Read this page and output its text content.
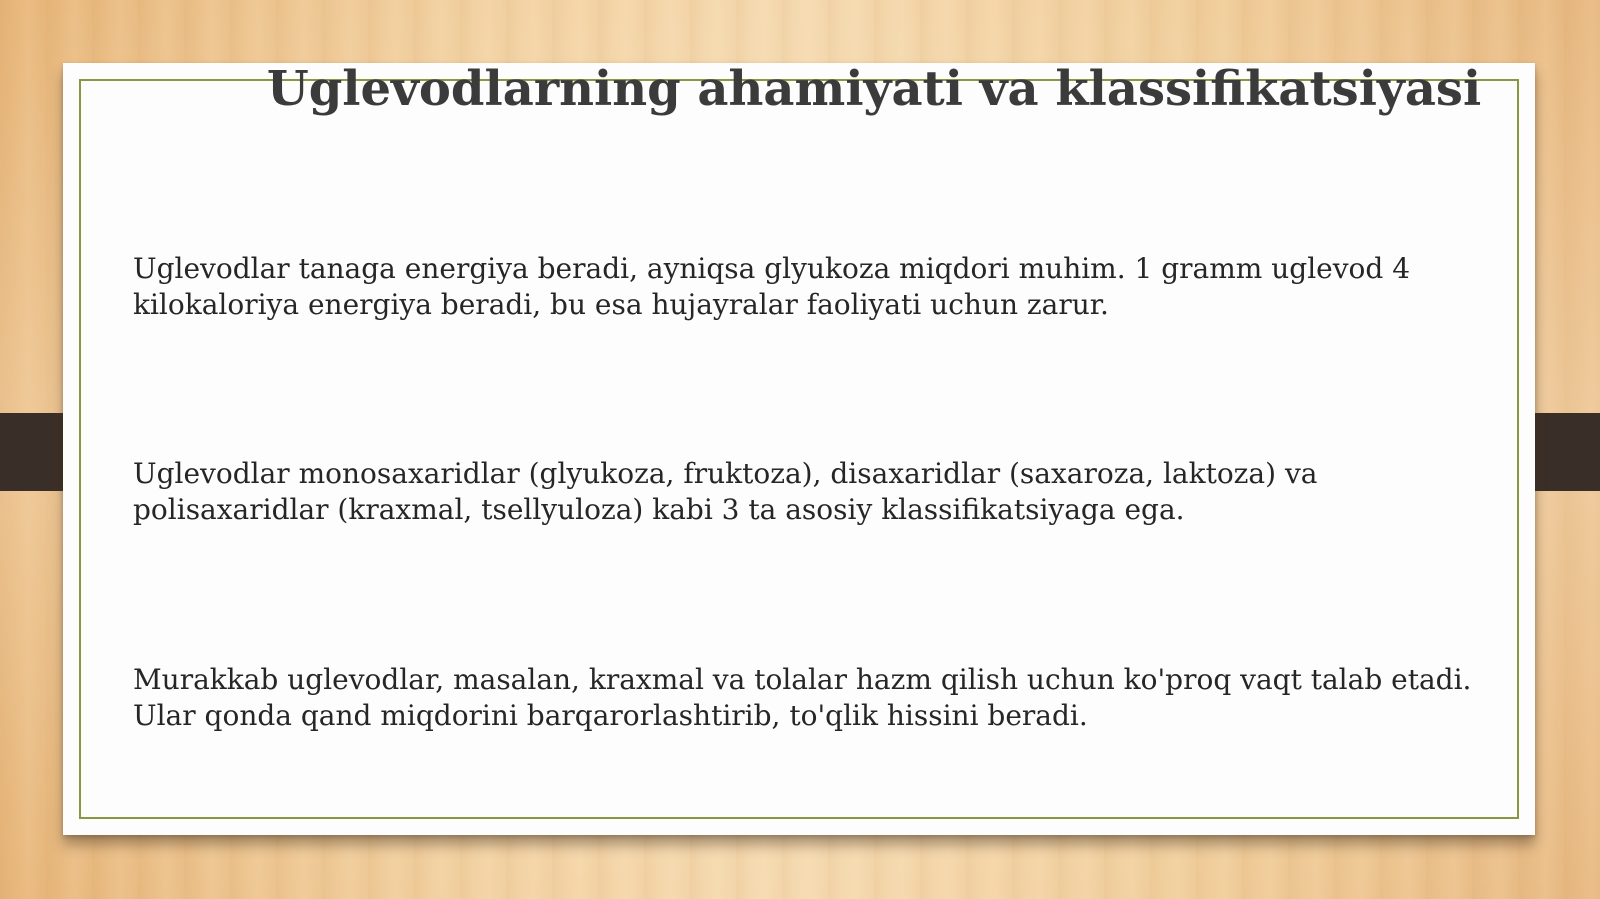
Uglevodlarning ahamiyati va klassifikatsiyasi

Uglevodlar tanaga energiya beradi, ayniqsa glyukoza miqdori muhim. 1 gramm uglevod 4 kilokaloriya energiya beradi, bu esa hujayralar faoliyati uchun zarur.

Uglevodlar monosaxaridlar (glyukoza, fruktoza), disaxaridlar (saxaroza, laktoza) va polisaxaridlar (kraxmal, tsellyuloza) kabi 3 ta asosiy klassifikatsiyaga ega.

Murakkab uglevodlar, masalan, kraxmal va tolalar hazm qilish uchun ko'proq vaqt talab etadi. Ular qonda qand miqdorini barqarorlashtirib, to'qlik hissini beradi.
